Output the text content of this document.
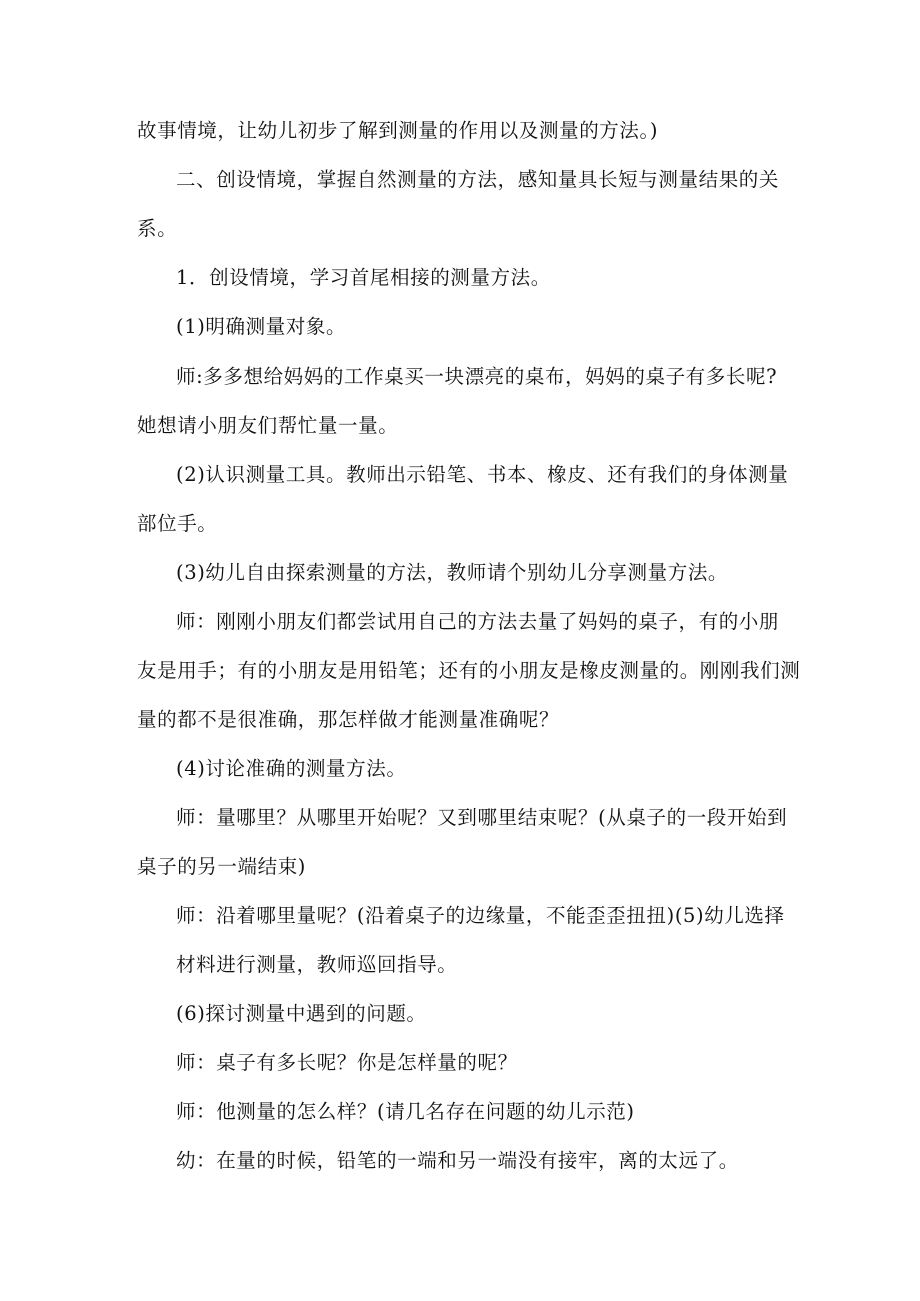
故事情境，让幼儿初步了解到测量的作用以及测量的方法。)
二、创设情境，掌握自然测量的方法，感知量具长短与测量结果的关
系。
1．创设情境，学习首尾相接的测量方法。
(1)明确测量对象。
师:多多想给妈妈的工作桌买一块漂亮的桌布，妈妈的桌子有多长呢?
她想请小朋友们帮忙量一量。
(2)认识测量工具。教师出示铅笔、书本、橡皮、还有我们的身体测量
部位手。
(3)幼儿自由探索测量的方法，教师请个别幼儿分享测量方法。
师：刚刚小朋友们都尝试用自己的方法去量了妈妈的桌子，有的小朋
友是用手；有的小朋友是用铅笔；还有的小朋友是橡皮测量的。刚刚我们测
量的都不是很准确，那怎样做才能测量准确呢？
(4)讨论准确的测量方法。
师：量哪里？从哪里开始呢？又到哪里结束呢？(从桌子的一段开始到
桌子的另一端结束)
师：沿着哪里量呢？(沿着桌子的边缘量，不能歪歪扭扭)(5)幼儿选择
材料进行测量，教师巡回指导。
(6)探讨测量中遇到的问题。
师：桌子有多长呢？你是怎样量的呢？
师：他测量的怎么样？(请几名存在问题的幼儿示范)
幼：在量的时候，铅笔的一端和另一端没有接牢，离的太远了。
